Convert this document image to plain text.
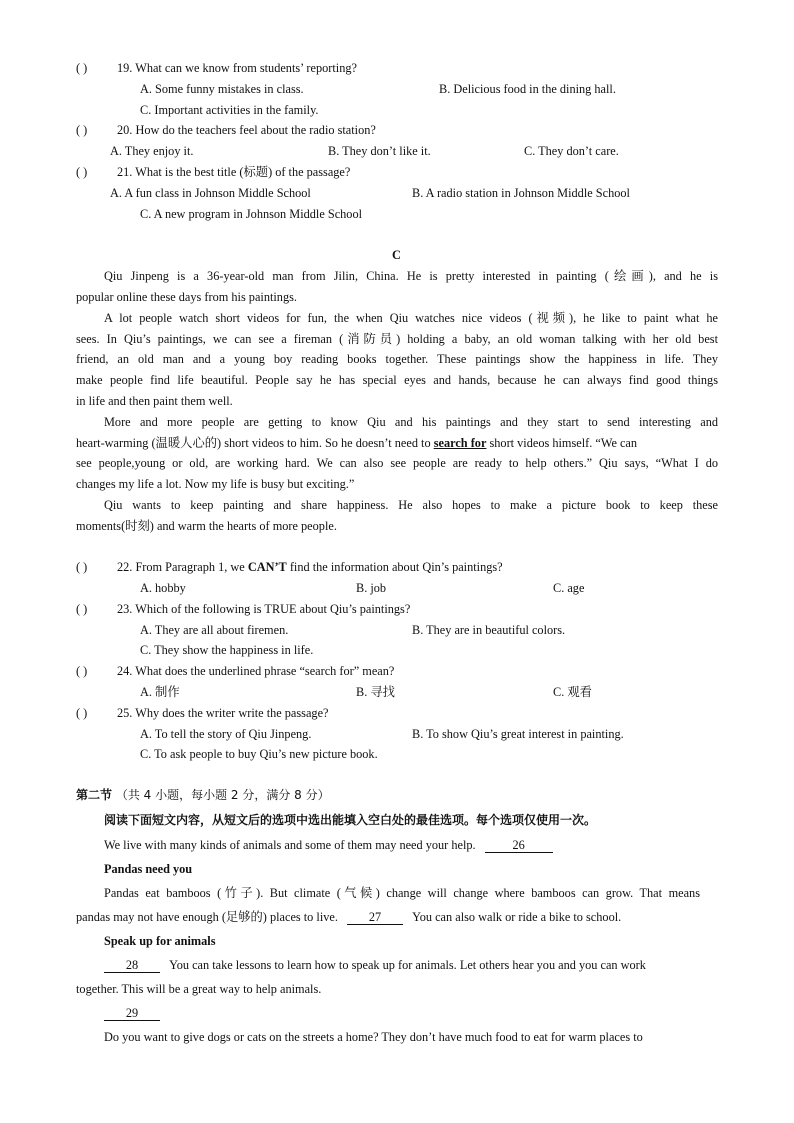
( ) 19. What can we know from students’ reporting?
A. Some funny mistakes in class.	B. Delicious food in the dining hall.
C. Important activities in the family.
( ) 20. How do the teachers feel about the radio station?
A. They enjoy it.	B. They don’t like it.	C. They don’t care.
( ) 21. What is the best title (标题) of the passage?
A. A fun class in Johnson Middle School	B. A radio station in Johnson Middle School
C. A new program in Johnson Middle School
C
Qiu Jinpeng is a 36-year-old man from Jilin, China. He is pretty interested in painting (绘画), and he is
popular online these days from his paintings.
A lot people watch short videos for fun, the when Qiu watches nice videos (视频), he like to paint what he
sees. In Qiu’s paintings, we can see a fireman (消防员) holding a baby, an old woman talking with her old best
friend, an old man and a young boy reading books together. These paintings show the happiness in life. They
make people find life beautiful. People say he has special eyes and hands, because he can always find good things
in life and then paint them well.
More and more people are getting to know Qiu and his paintings and they start to send interesting and
heart-warming (温暖人心的) short videos to him. So he doesn’t need to search for short videos himself. “We can
see people,young or old, are working hard. We can also see people are ready to help others.” Qiu says, “What I do
changes my life a lot. Now my life is busy but exciting.”
Qiu wants to keep painting and share happiness. He also hopes to make a picture book to keep these
moments(时刻) and warm the hearts of more people.
( ) 22. From Paragraph 1, we CAN’T find the information about Qin’s paintings?
A. hobby	B. job	C. age
( ) 23. Which of the following is TRUE about Qiu’s paintings?
A. They are all about firemen.	B. They are in beautiful colors.
C. They show the happiness in life.
( ) 24. What does the underlined phrase “search for” mean?
A. 制作	B. 寻找	C. 观看
( ) 25. Why does the writer write the passage?
A. To tell the story of Qiu Jinpeng.	B. To show Qiu’s great interest in painting.
C. To ask people to buy Qiu’s new picture book.
第二节 （共 4 小题，每小题 2 分，满分 8 分）
阅读下面短文内容，从短文后的选项中选出能填入空白处的最佳选项。每个选项仅使用一次。
We live with many kinds of animals and some of them may need your help.	26
Pandas need you
Pandas eat bamboos (竹子). But climate (气候) change will change where bamboos can grow. That means
pandas may not have enough (足够的) places to live.	27	You can also walk or ride a bike to school.
Speak up for animals
28	You can take lessons to learn how to speak up for animals. Let others hear you and you can work
together. This will be a great way to help animals.
29
Do you want to give dogs or cats on the streets a home? They don’t have much food to eat for warm places to
